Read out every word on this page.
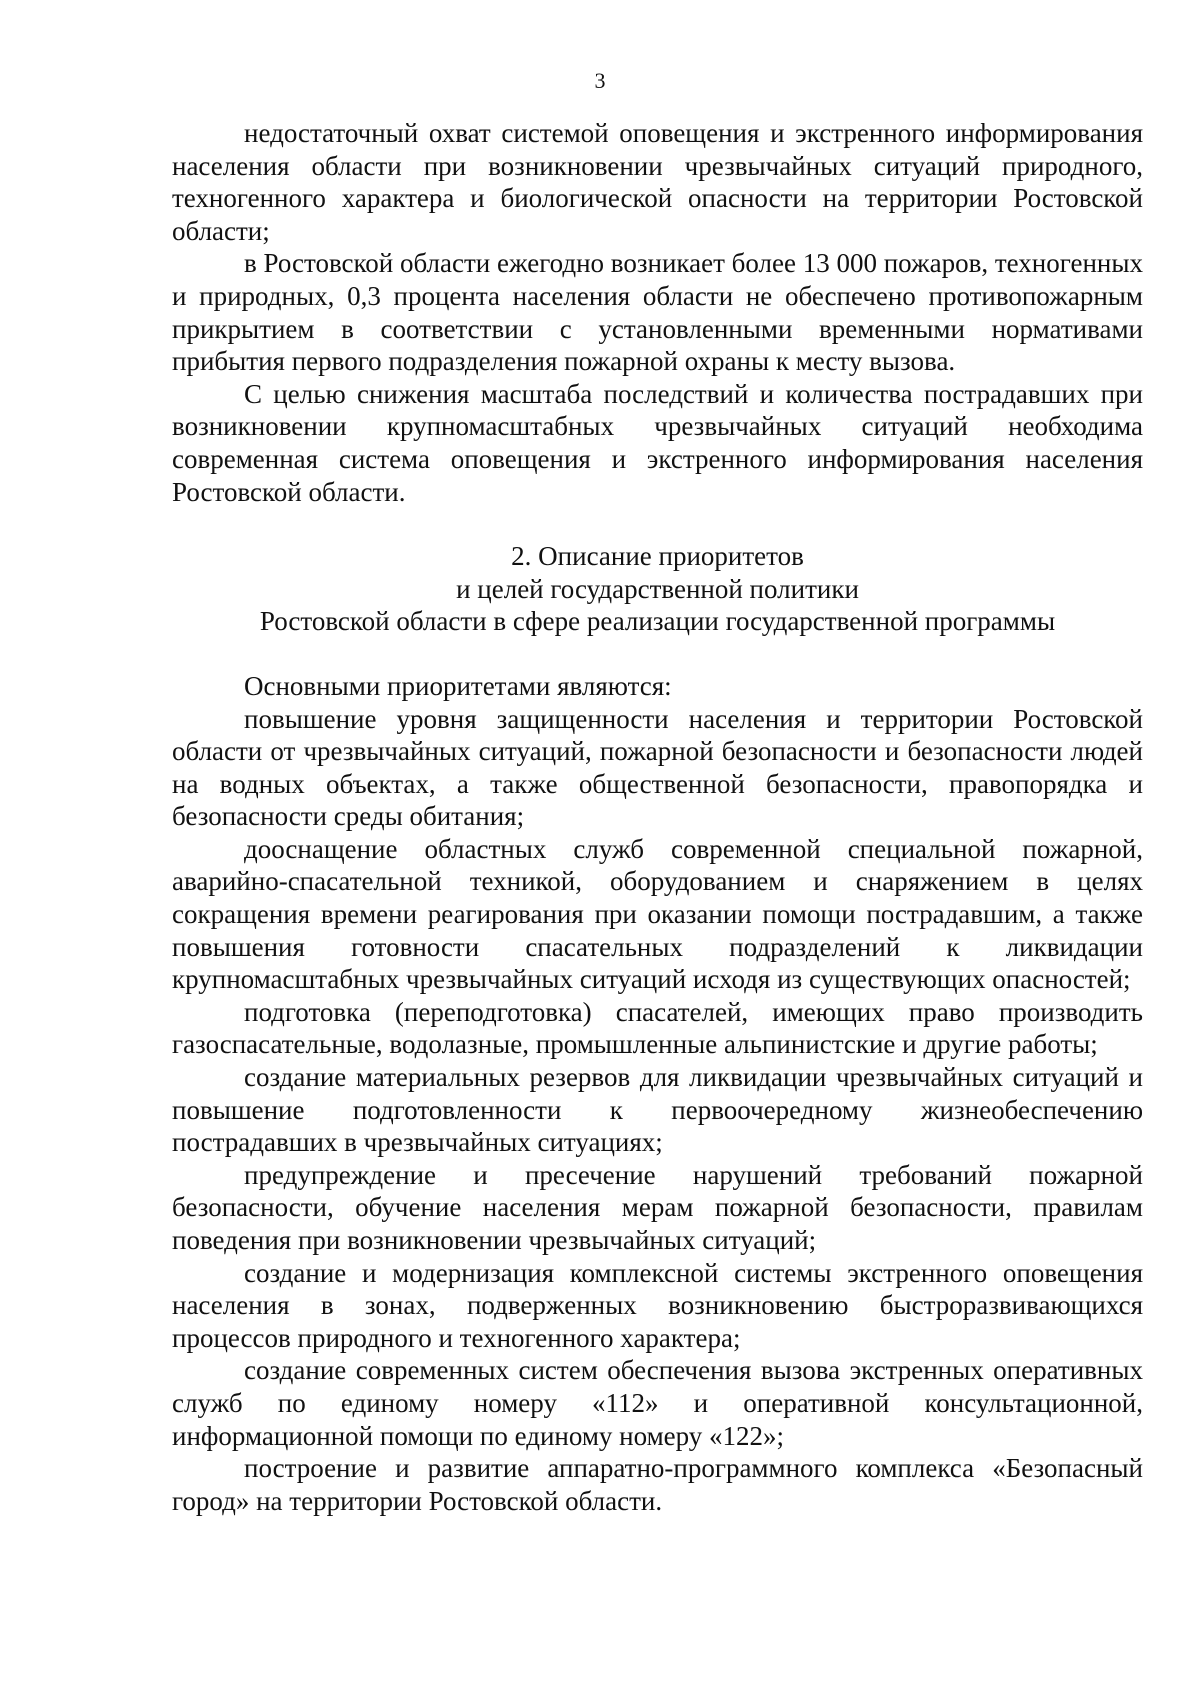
3

недостаточный охват системой оповещения и экстренного информирования населения области при возникновении чрезвычайных ситуаций природного, техногенного характера и биологической опасности на территории Ростовской области;

в Ростовской области ежегодно возникает более 13 000 пожаров, техногенных и природных, 0,3 процента населения области не обеспечено противопожарным прикрытием в соответствии с установленными временными нормативами прибытия первого подразделения пожарной охраны к месту вызова.

С целью снижения масштаба последствий и количества пострадавших при возникновении крупномасштабных чрезвычайных ситуаций необходима современная система оповещения и экстренного информирования населения Ростовской области.

2. Описание приоритетов
и целей государственной политики
Ростовской области в сфере реализации государственной программы

Основными приоритетами являются:

повышение уровня защищенности населения и территории Ростовской области от чрезвычайных ситуаций, пожарной безопасности и безопасности людей на водных объектах, а также общественной безопасности, правопорядка и безопасности среды обитания;

дооснащение областных служб современной специальной пожарной, аварийно-спасательной техникой, оборудованием и снаряжением в целях сокращения времени реагирования при оказании помощи пострадавшим, а также повышения готовности спасательных подразделений к ликвидации крупномасштабных чрезвычайных ситуаций исходя из существующих опасностей;

подготовка (переподготовка) спасателей, имеющих право производить газоспасательные, водолазные, промышленные альпинистские и другие работы;

создание материальных резервов для ликвидации чрезвычайных ситуаций и повышение подготовленности к первоочередному жизнеобеспечению пострадавших в чрезвычайных ситуациях;

предупреждение и пресечение нарушений требований пожарной безопасности, обучение населения мерам пожарной безопасности, правилам поведения при возникновении чрезвычайных ситуаций;

создание и модернизация комплексной системы экстренного оповещения населения в зонах, подверженных возникновению быстроразвивающихся процессов природного и техногенного характера;

создание современных систем обеспечения вызова экстренных оперативных служб по единому номеру «112» и оперативной консультационной, информационной помощи по единому номеру «122»;

построение и развитие аппаратно-программного комплекса «Безопасный город» на территории Ростовской области.
